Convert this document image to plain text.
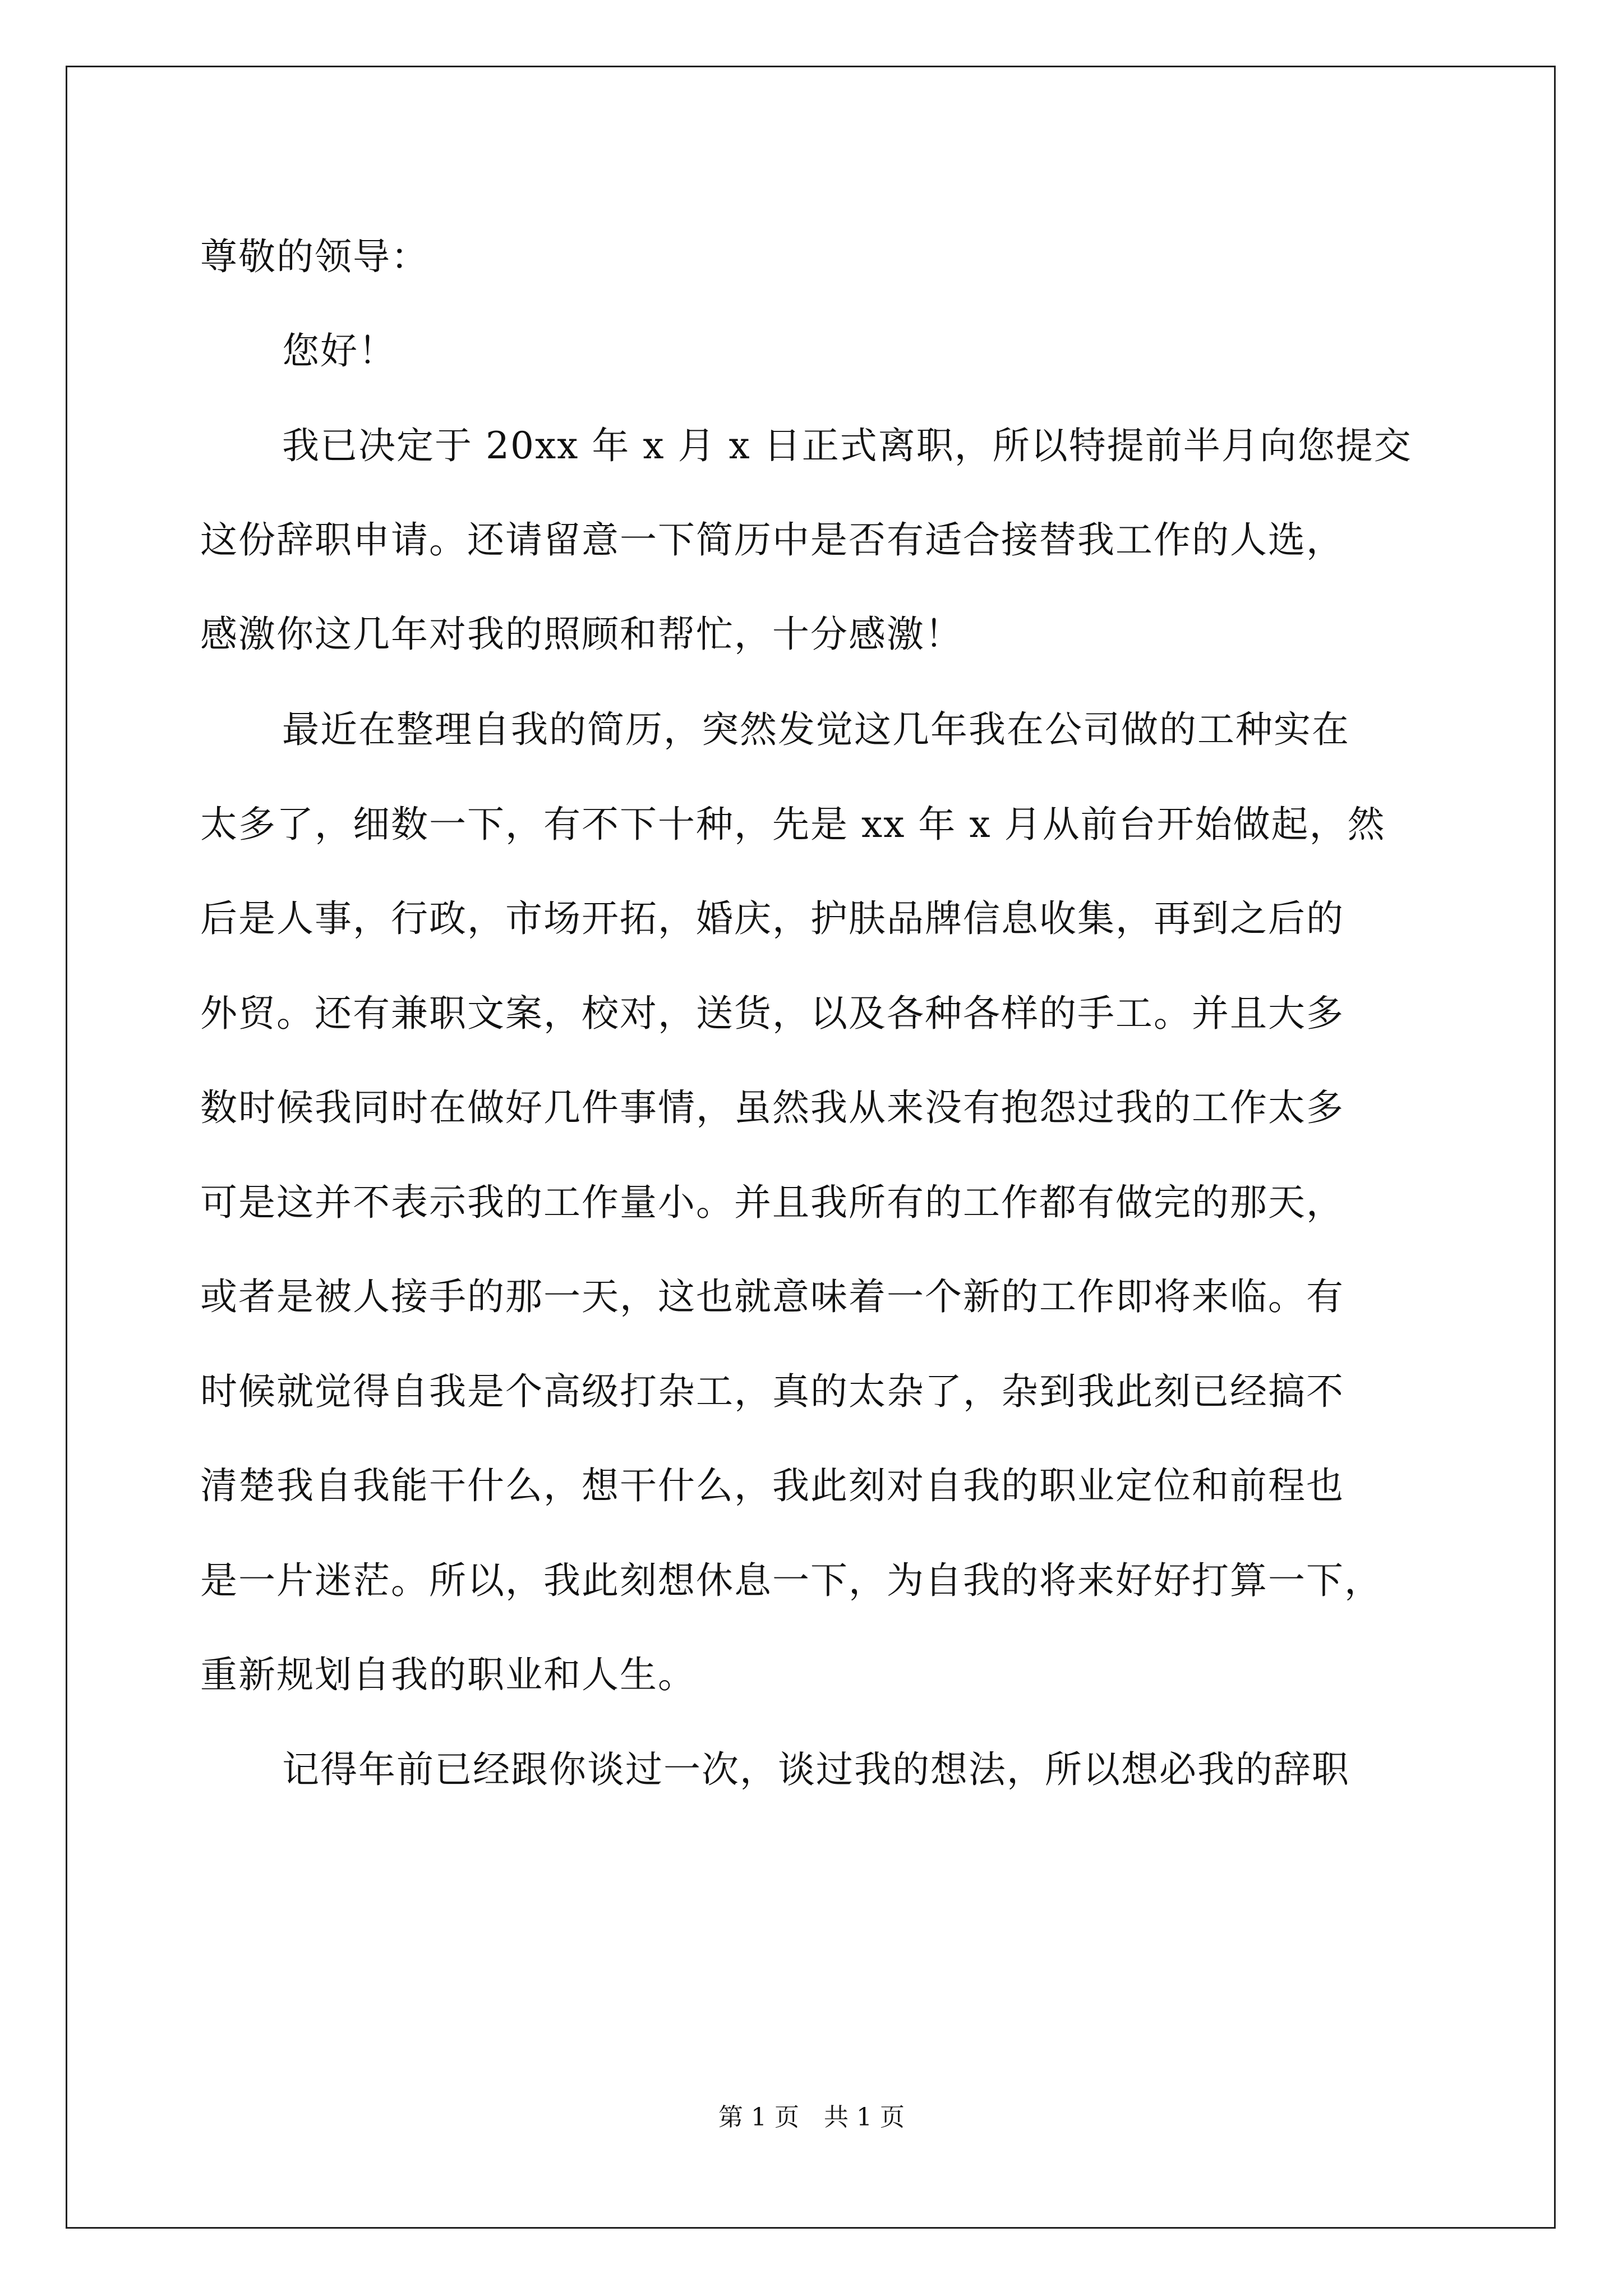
尊敬的领导：
您好！
我已决定于 20xx 年 x 月 x 日正式离职，所以特提前半月向您提交
这份辞职申请。还请留意一下简历中是否有适合接替我工作的人选，
感激你这几年对我的照顾和帮忙，十分感激！
最近在整理自我的简历，突然发觉这几年我在公司做的工种实在
太多了，细数一下，有不下十种，先是 xx 年 x 月从前台开始做起，然
后是人事，行政，市场开拓，婚庆，护肤品牌信息收集，再到之后的
外贸。还有兼职文案，校对，送货，以及各种各样的手工。并且大多
数时候我同时在做好几件事情，虽然我从来没有抱怨过我的工作太多
可是这并不表示我的工作量小。并且我所有的工作都有做完的那天，
或者是被人接手的那一天，这也就意味着一个新的工作即将来临。有
时候就觉得自我是个高级打杂工，真的太杂了，杂到我此刻已经搞不
清楚我自我能干什么，想干什么，我此刻对自我的职业定位和前程也
是一片迷茫。所以，我此刻想休息一下，为自我的将来好好打算一下，
重新规划自我的职业和人生。
记得年前已经跟你谈过一次，谈过我的想法，所以想必我的辞职
第 1 页　共 1 页
